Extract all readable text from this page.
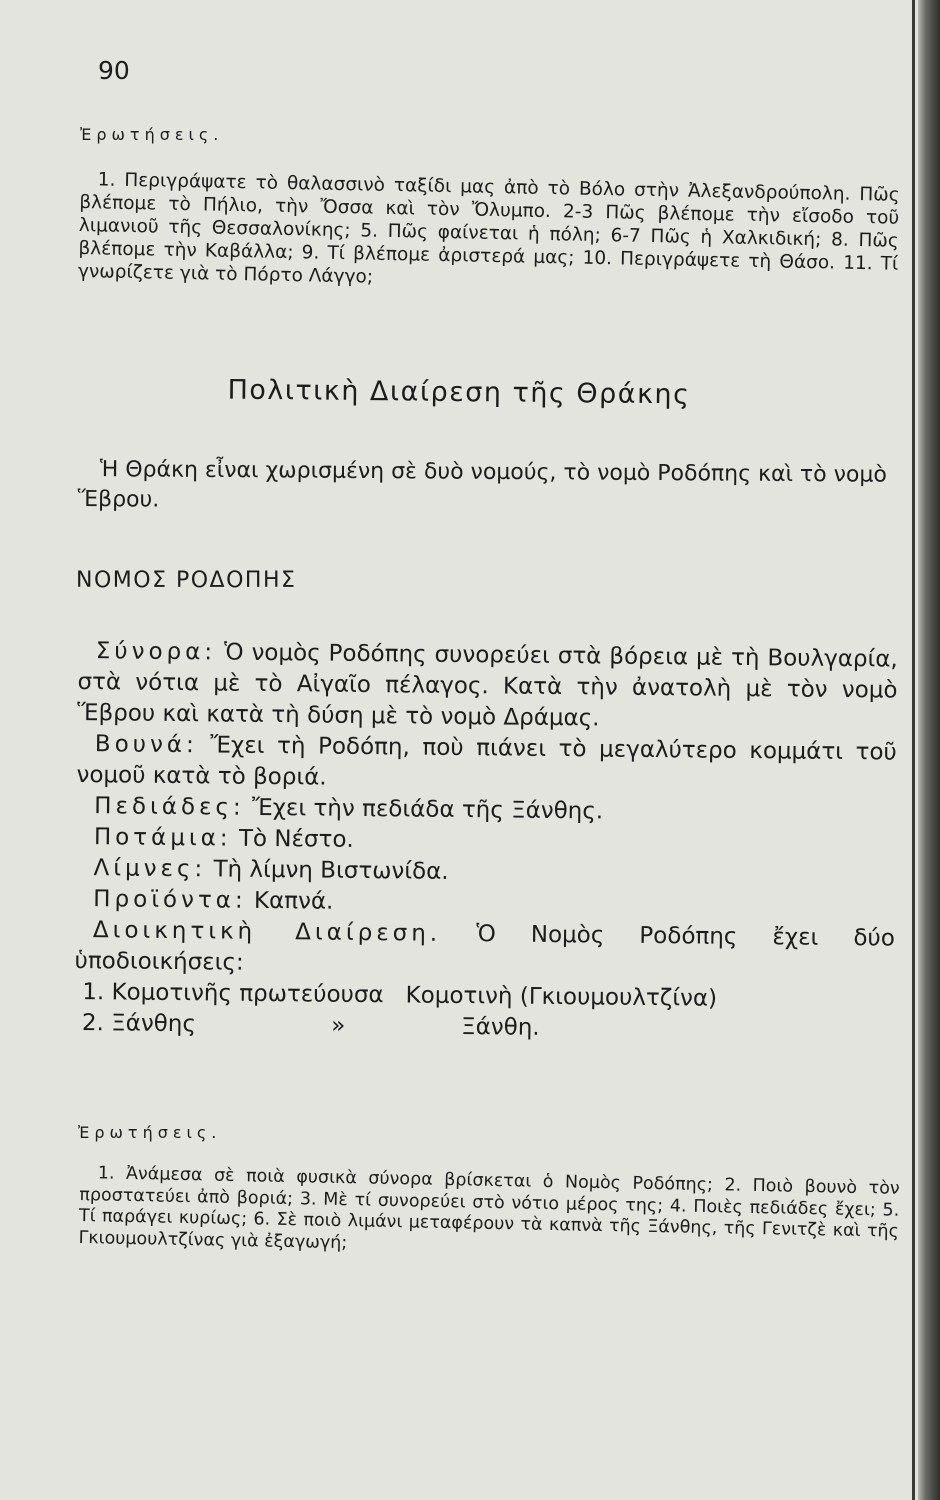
90
Ἐρωτήσεις.
1. Περιγράψατε τὸ θαλασσινὸ ταξίδι μας ἀπὸ τὸ Βόλο στὴν Ἀλεξανδρούπολη. Πῶς βλέπομε τὸ Πήλιο, τὴν Ὄσσα καὶ τὸν Ὄλυμπο. 2-3 Πῶς βλέπομε τὴν εἴσοδο τοῦ λιμανιοῦ τῆς Θεσσαλονίκης; 5. Πῶς φαίνεται ἡ πόλη; 6-7 Πῶς ἡ Χαλκιδική; 8. Πῶς βλέπομε τὴν Καβάλλα; 9. Τί βλέπομε ἀριστερά μας; 10. Περιγράψετε τὴ Θάσο. 11. Τί γνωρίζετε γιὰ τὸ Πόρτο Λάγγο;
Πολιτικὴ Διαίρεση τῆς Θράκης
Ἡ Θράκη εἶναι χωρισμένη σὲ δυὸ νομούς, τὸ νομὸ Ροδόπης καὶ τὸ νομὸ Ἕβρου.
ΝΟΜΟΣ ΡΟΔΟΠΗΣ

Σύνορα: Ὁ νομὸς Ροδόπης συνορεύει στὰ βόρεια μὲ τὴ Βουλγαρία, στὰ νότια μὲ τὸ Αἰγαῖο πέλαγος. Κατὰ τὴν ἀνατολὴ μὲ τὸν νομὸ Ἕβρου καὶ κατὰ τὴ δύση μὲ τὸ νομὸ Δράμας.

Βουνά: Ἔχει τὴ Ροδόπη, ποὺ πιάνει τὸ μεγαλύτερο κομμάτι τοῦ νομοῦ κατὰ τὸ βοριά.

Πεδιάδες: Ἔχει τὴν πεδιάδα τῆς Ξάνθης.

Ποτάμια: Τὸ Νέστο.

Λίμνες: Τὴ λίμνη Βιστωνίδα.

Προϊόντα: Καπνά.

Διοικητικὴ Διαίρεση. Ὁ Νομὸς Ροδόπης ἔχει δύο ὑποδιοικήσεις:

1.
Κομοτινῆς
πρωτεύουσα
Κομοτινὴ (Γκιουμουλτζίνα)
2.
Ξάνθης	»	Ξάνθη.
Ἐρωτήσεις.
1. Ἀνάμεσα σὲ ποιὰ φυσικὰ σύνορα βρίσκεται ὁ Νομὸς Ροδόπης; 2. Ποιὸ βουνὸ τὸν προστατεύει ἀπὸ βοριά; 3. Μὲ τί συνορεύει στὸ νότιο μέρος της; 4. Ποιὲς πεδιάδες ἔχει; 5. Τί παράγει κυρίως; 6. Σὲ ποιὸ λιμάνι μεταφέρουν τὰ καπνὰ τῆς Ξάνθης, τῆς Γενιτζὲ καὶ τῆς Γκιουμουλτζίνας γιὰ ἐξαγωγή;
